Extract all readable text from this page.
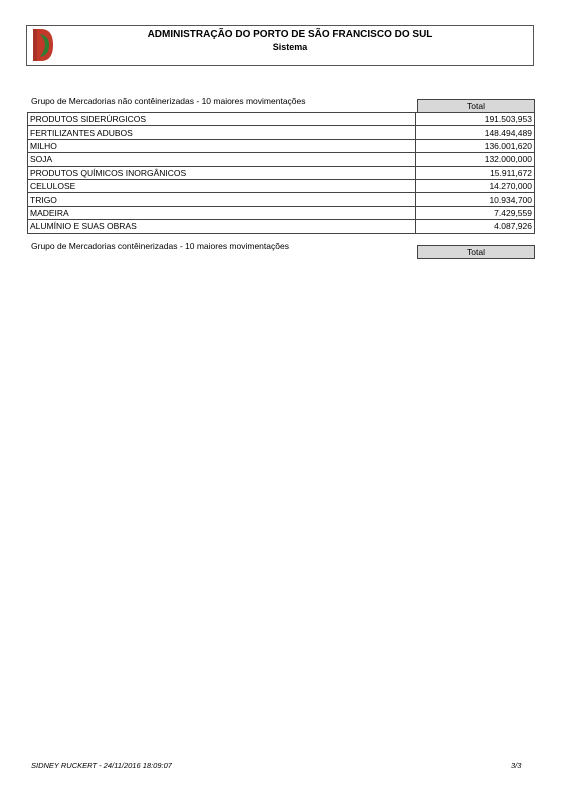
ADMINISTRAÇÃO DO PORTO DE SÃO FRANCISCO DO SUL
Sistema
Grupo de Mercadorias não contêinerizadas - 10 maiores movimentações	Total
PRODUTOS SIDERÚRGICOS	191.503,953
FERTILIZANTES ADUBOS	148.494,489
MILHO	136.001,620
SOJA	132.000,000
PRODUTOS QUÍMICOS INORGÂNICOS	15.911,672
CELULOSE	14.270,000
TRIGO	10.934,700
MADEIRA	7.429,559
ALUMÍNIO E SUAS OBRAS	4.087,926
Grupo de Mercadorias contêinerizadas - 10 maiores movimentações
Total
SIDNEY RUCKERT - 24/11/2016 18:09:07	3/3
